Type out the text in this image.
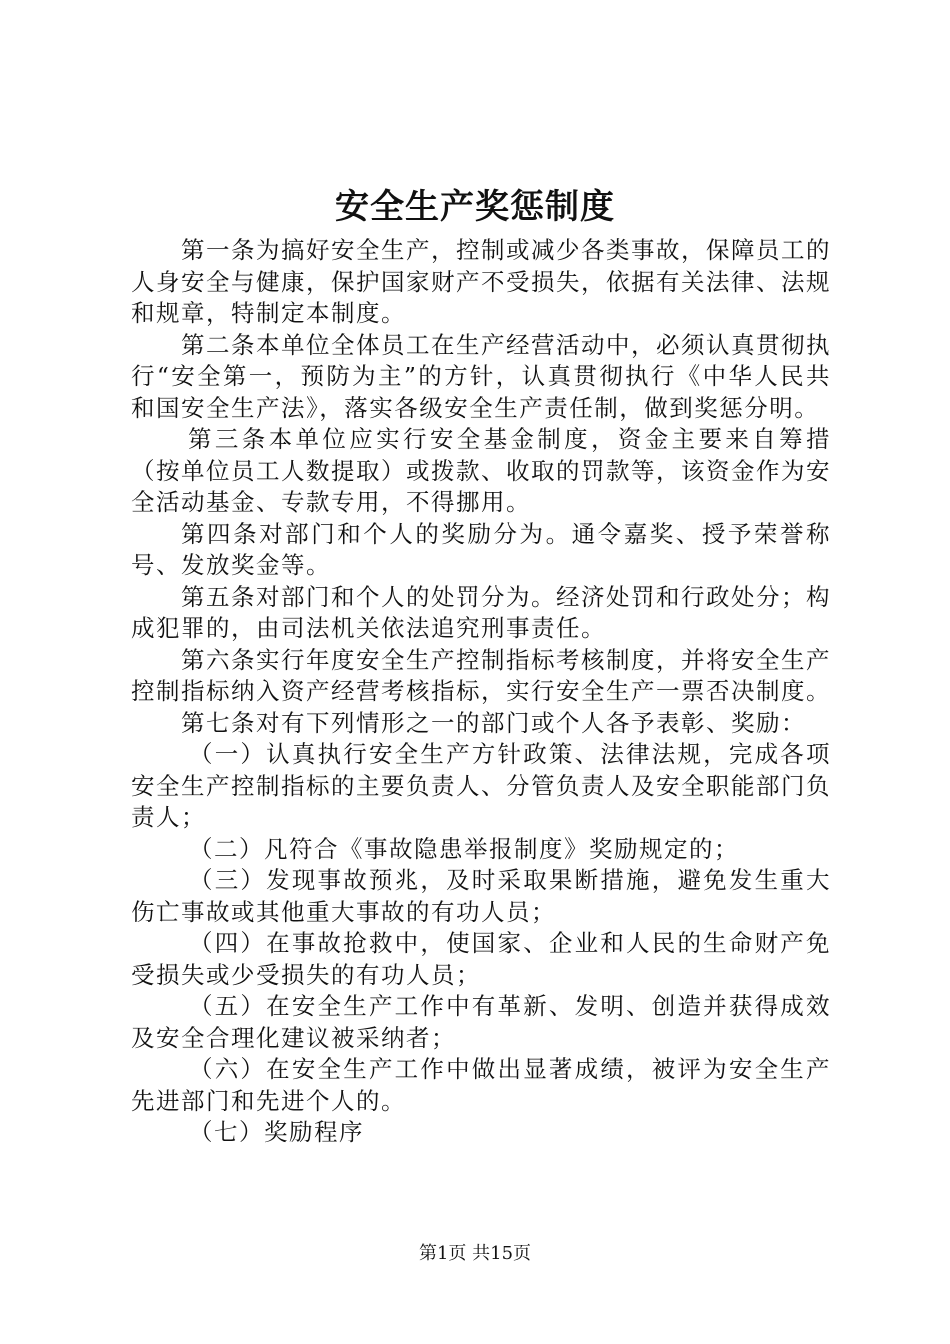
安全生产奖惩制度

第一条为搞好安全生产，控制或减少各类事故，保障员工的人身安全与健康，保护国家财产不受损失，依据有关法律、法规和规章，特制定本制度。

第二条本单位全体员工在生产经营活动中，必须认真贯彻执行“安全第一，预防为主”的方针，认真贯彻执行《中华人民共和国安全生产法》，落实各级安全生产责任制，做到奖惩分明。

第三条本单位应实行安全基金制度，资金主要来自筹措（按单位员工人数提取）或拨款、收取的罚款等，该资金作为安全活动基金、专款专用，不得挪用。

第四条对部门和个人的奖励分为。通令嘉奖、授予荣誉称号、发放奖金等。

第五条对部门和个人的处罚分为。经济处罚和行政处分；构成犯罪的，由司法机关依法追究刑事责任。

第六条实行年度安全生产控制指标考核制度，并将安全生产控制指标纳入资产经营考核指标，实行安全生产一票否决制度。

第七条对有下列情形之一的部门或个人各予表彰、奖励：

（一）认真执行安全生产方针政策、法律法规，完成各项安全生产控制指标的主要负责人、分管负责人及安全职能部门负责人；

（二）凡符合《事故隐患举报制度》奖励规定的；

（三）发现事故预兆，及时采取果断措施，避免发生重大伤亡事故或其他重大事故的有功人员；

（四）在事故抢救中，使国家、企业和人民的生命财产免受损失或少受损失的有功人员；

（五）在安全生产工作中有革新、发明、创造并获得成效及安全合理化建议被采纳者；

（六）在安全生产工作中做出显著成绩，被评为安全生产先进部门和先进个人的。

（七）奖励程序

第1页 共15页
